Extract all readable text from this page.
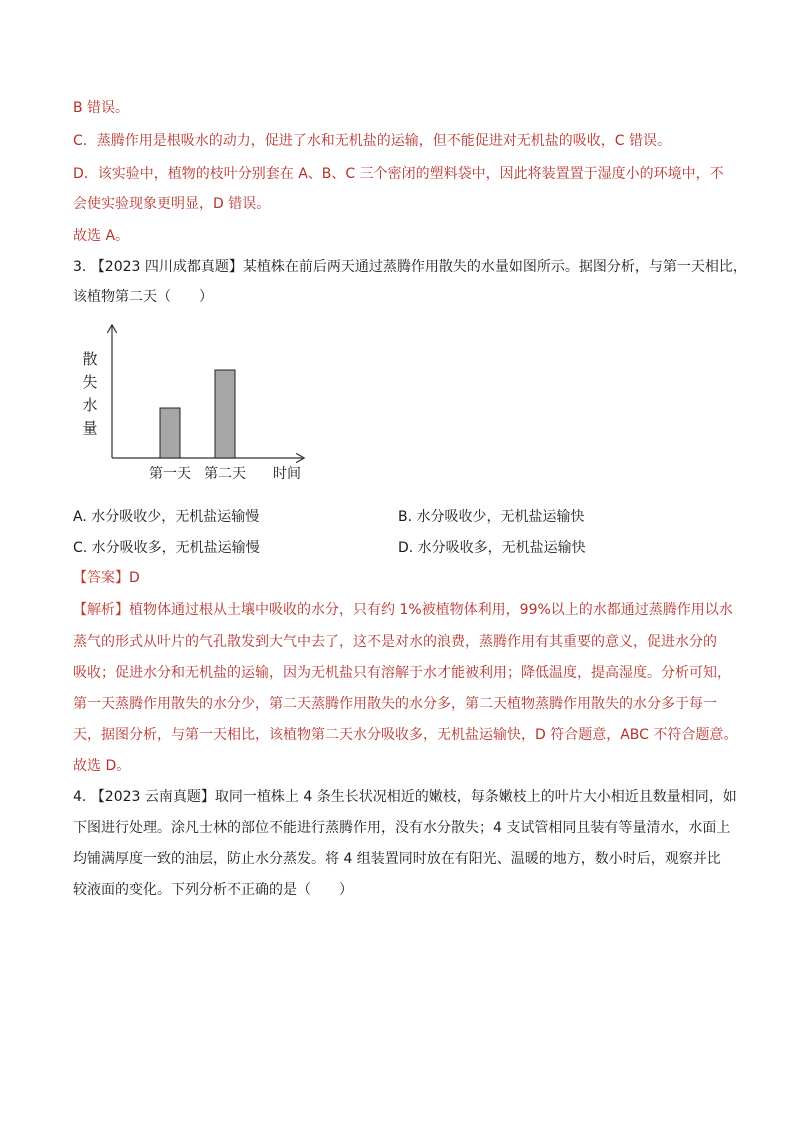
B 错误。
C．蒸腾作用是根吸水的动力，促进了水和无机盐的运输，但不能促进对无机盐的吸收，C 错误。
D．该实验中，植物的枝叶分别套在 A、B、C 三个密闭的塑料袋中，因此将装置置于湿度小的环境中，不
会使实验现象更明显，D 错误。
故选 A。
3. 【2023 四川成都真题】某植株在前后两天通过蒸腾作用散失的水量如图所示。据图分析，与第一天相比，
该植物第二天（　　）
散
失
水
量
第一天 第二天 时间
A. 水分吸收少，无机盐运输慢	B. 水分吸收少，无机盐运输快
C. 水分吸收多，无机盐运输慢	D. 水分吸收多，无机盐运输快
【答案】D
【解析】植物体通过根从土壤中吸收的水分，只有约 1%被植物体利用，99%以上的水都通过蒸腾作用以水
蒸气的形式从叶片的气孔散发到大气中去了，这不是对水的浪费，蒸腾作用有其重要的意义，促进水分的
吸收；促进水分和无机盐的运输，因为无机盐只有溶解于水才能被利用；降低温度，提高湿度。分析可知，
第一天蒸腾作用散失的水分少，第二天蒸腾作用散失的水分多，第二天植物蒸腾作用散失的水分多于每一
天，据图分析，与第一天相比，该植物第二天水分吸收多，无机盐运输快，D 符合题意，ABC 不符合题意。
故选 D。
4. 【2023 云南真题】取同一植株上 4 条生长状况相近的嫩枝，每条嫩枝上的叶片大小相近且数量相同，如
下图进行处理。涂凡士林的部位不能进行蒸腾作用，没有水分散失；4 支试管相同且装有等量清水，水面上
均铺满厚度一致的油层，防止水分蒸发。将 4 组装置同时放在有阳光、温暖的地方，数小时后，观察并比
较液面的变化。下列分析不正确的是（　　）
